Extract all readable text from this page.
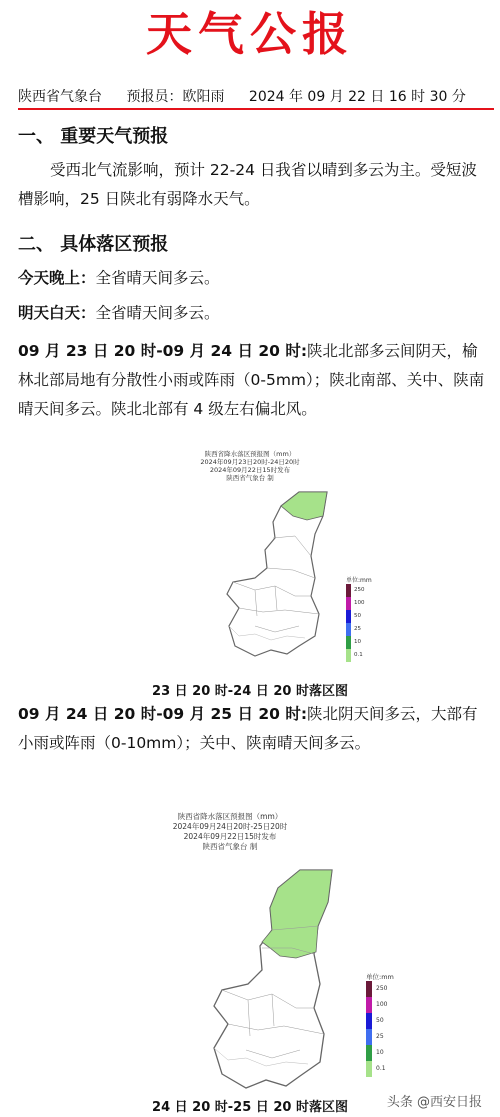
天气公报
陕西省气象台 预报员：欧阳雨 2024 年 09 月 22 日 16 时 30 分
一、 重要天气预报
受西北气流影响，预计 22-24 日我省以晴到多云为主。受短波槽影响，25 日陕北有弱降水天气。
二、 具体落区预报
今天晚上：全省晴天间多云。
明天白天：全省晴天间多云。
09 月 23 日 20 时-09 月 24 日 20 时:陕北北部多云间阴天，榆林北部局地有分散性小雨或阵雨（0-5mm）；陕北南部、关中、陕南晴天间多云。陕北北部有 4 级左右偏北风。
陕西省降水落区预报图（mm）
2024年09月23日20时-24日20时
2024年09月22日15时发布
陕西省气象台 制
单位:mm
250
100
50
25
10
0.1
23 日 20 时-24 日 20 时落区图
09 月 24 日 20 时-09 月 25 日 20 时:陕北阴天间多云，大部有小雨或阵雨（0-10mm）；关中、陕南晴天间多云。
陕西省降水落区预报图（mm）
2024年09月24日20时-25日20时
2024年09月22日15时发布
陕西省气象台 制
单位:mm
250
100
50
25
10
0.1
24 日 20 时-25 日 20 时落区图	头条 @西安日报
